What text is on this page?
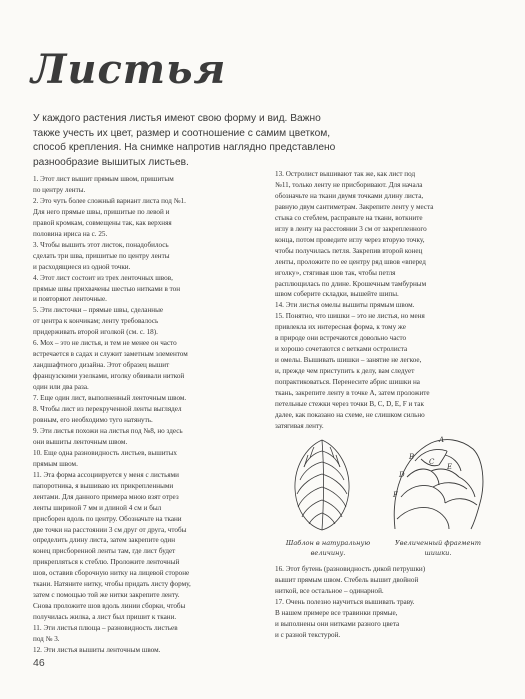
Листья
У каждого растения листья имеют свою форму и вид. Важно
также учесть их цвет, размер и соотношение с самим цветком,
способ крепления. На снимке напротив наглядно представлено
разнообразие вышитых листьев.
1. Этот лист вышит прямым швом, пришитым
по центру ленты.
2. Это чуть более сложный вариант листа под №1.
Для него прямые швы, пришитые по левой и
правой кромкам, совмещены так, как верхняя
половина ириса на с. 25.
3. Чтобы вышить этот листок, понадобилось
сделать три шва, пришитые по центру ленты
и расходящиеся из одной точки.
4. Этот лист состоит из трех ленточных швов,
прямые швы прихвачены шестью нитками в тон
и повторяют ленточные.
5. Эти листочки – прямые швы, сделанные
от центра к кончикам; ленту требовалось
придерживать второй иголкой (см. с. 18).
6. Мох – это не листья, и тем не менее он часто
встречается в садах и служит заметным элементом
ландшафтного дизайна. Этот образец вышит
французскими узелками, иголку обвивали ниткой
один или два раза.
7. Еще один лист, выполненный ленточным швом.
8. Чтобы лист из перекрученной ленты выглядел
ровным, его необходимо туго натянуть.
9. Эти листья похожи на листья под №8, но здесь
они вышиты ленточным швом.
10. Еще одна разновидность листьев, вышитых
прямым швом.
11. Эта форма ассоциируется у меня с листьями
папоротника, я вышиваю их прикрепленными
лентами. Для данного примера мною взят отрез
ленты шириной 7 мм и длиной 4 см и был
присборен вдоль по центру. Обозначьте на ткани
две точки на расстоянии 3 см друг от друга, чтобы
определить длину листа, затем закрепите один
конец присборенной ленты там, где лист будет
прикрепляться к стеблю. Проложите ленточный
шов, оставив сборочную нитку на лицевой стороне
ткани. Натяните нитку, чтобы придать листу форму,
затем с помощью той же нитки закрепите ленту.
Снова проложите шов вдоль линии сборки, чтобы
получилась жилка, а лист был пришит к ткани.
11. Эти листья плюща – разновидность листьев
под № 3.
12. Эти листья вышиты ленточным швом.
13. Остролист вышивают так же, как лист под
№11, только ленту не присборивают. Для начала
обозначьте на ткани двумя точками длину листа,
равную двум сантиметрам. Закрепите ленту у места
стыка со стеблем, расправьте на ткани, воткните
иглу в ленту на расстоянии 3 см от закрепленного
конца, потом проведите иглу через вторую точку,
чтобы получилась петля. Закрепив второй конец
ленты, проложите по ее центру ряд швов «вперед
иголку», стягивая шов так, чтобы петля
расплющилась по длине. Крошечным тамбурным
швом соберите складки, вышейте шипы.
14. Эти листья омелы вышиты прямым швом.
15. Понятно, что шишки – это не листья, но меня
привлекла их интересная форма, к тому же
в природе они встречаются довольно часто
и хорошо сочетаются с ветками остролиста
и омелы. Вышивать шишки – занятие не легкое,
и, прежде чем приступить к делу, вам следует
попрактиковаться. Перенесите абрис шишки на
ткань, закрепите ленту в точке А, затем проложите
петельные стежки через точки В, С, D, E, F и так
далее, как показано на схеме, не слишком сильно
затягивая ленту.
16. Этот бутень (разновидность дикой петрушки)
вышит прямым швом. Стебель вышит двойной
ниткой, все остальное – одинарной.
17. Очень полезно научиться вышивать траву.
В нашем примере все травинки прямые,
и выполнены они нитками разного цвета
и с разной текстурой.
Шаблон в натуральную
величину.
A
B
C
D
E
F
Увеличенный фрагмент
шишки.
46
